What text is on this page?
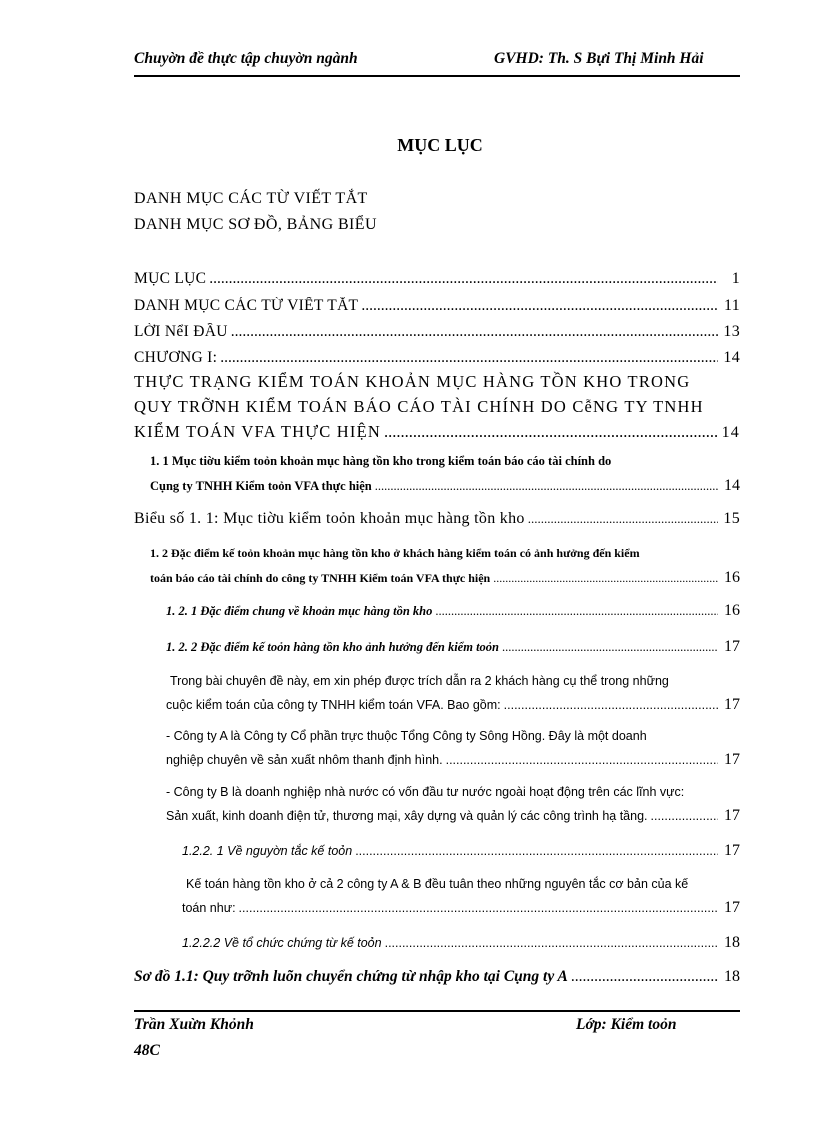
Chuyờn đề thực tập chuyờn ngành	GVHD: Th. S Bựi Thị Minh Hải
MỤC LỤC
DANH MỤC CÁC TỪ VIẾT TẮT
DANH MỤC SƠ ĐỒ, BẢNG BIỂU
MỤC LỤC .....	1
DANH MỤC CÁC TỪ VIẾT TẮT .....	11
LỜI NểI ĐẦU .....	13
CHƯƠNG I: .....	14
THỰC TRẠNG KIỂM TOÁN KHOẢN MỤC HÀNG TỒN KHO TRONG
QUY TRỠNH KIỂM TOÁN BÁO CÁO TÀI CHÍNH DO CễNG TY TNHH
KIỂM TOÁN VFA THỰC HIỆN .....	14
1. 1 Mục tiờu kiểm toỏn khoản mục hàng tồn kho trong kiểm toán báo cáo tài chính do
Cụng ty TNHH Kiểm toỏn VFA thực hiện .....	14
Biểu số 1. 1: Mục tiờu kiểm toỏn khoản mục hàng tồn kho .....	15
1. 2 Đặc điểm kế toỏn khoản mục hàng tồn kho ở khách hàng kiểm toán có ảnh hưởng đến kiểm
toán báo cáo tài chính do công ty TNHH Kiểm toán VFA thực hiện .....	16
1. 2. 1 Đặc điểm chung về khoản mục hàng tồn kho .....	16
1. 2. 2 Đặc điểm kế toỏn hàng tồn kho ảnh hưởng đến kiểm toỏn .....	17
Trong bài chuyên đề này, em xin phép được trích dẫn ra 2 khách hàng cụ thể trong những
cuộc kiểm toán của công ty TNHH kiểm toán VFA. Bao gồm: .....	17
- Công ty A là Công ty Cổ phần trực thuộc Tổng Công ty Sông Hồng. Đây là một doanh
nghiệp chuyên về sản xuất nhôm thanh định hình. .....	17
- Công ty B là doanh nghiệp nhà nước có vốn đầu tư nước ngoài hoạt động trên các lĩnh vực:
Sản xuất, kinh doanh điện tử, thương mại, xây dựng và quản lý các công trình hạ tầng. .....	17
1.2.2. 1 Về nguyờn tắc kế toỏn .....	17
Kế toán hàng tồn kho ở cả 2 công ty A & B đều tuân theo những nguyên tắc cơ bản của kế
toán như: .....	17
1.2.2.2 Về tổ chức chứng từ kế toỏn .....	18
Sơ đồ 1.1: Quy trỡnh luõn chuyển chứng từ nhập kho tại Cụng ty A .....	18
Trần Xuừn Khỏnh
48C
Lớp: Kiểm toỏn
